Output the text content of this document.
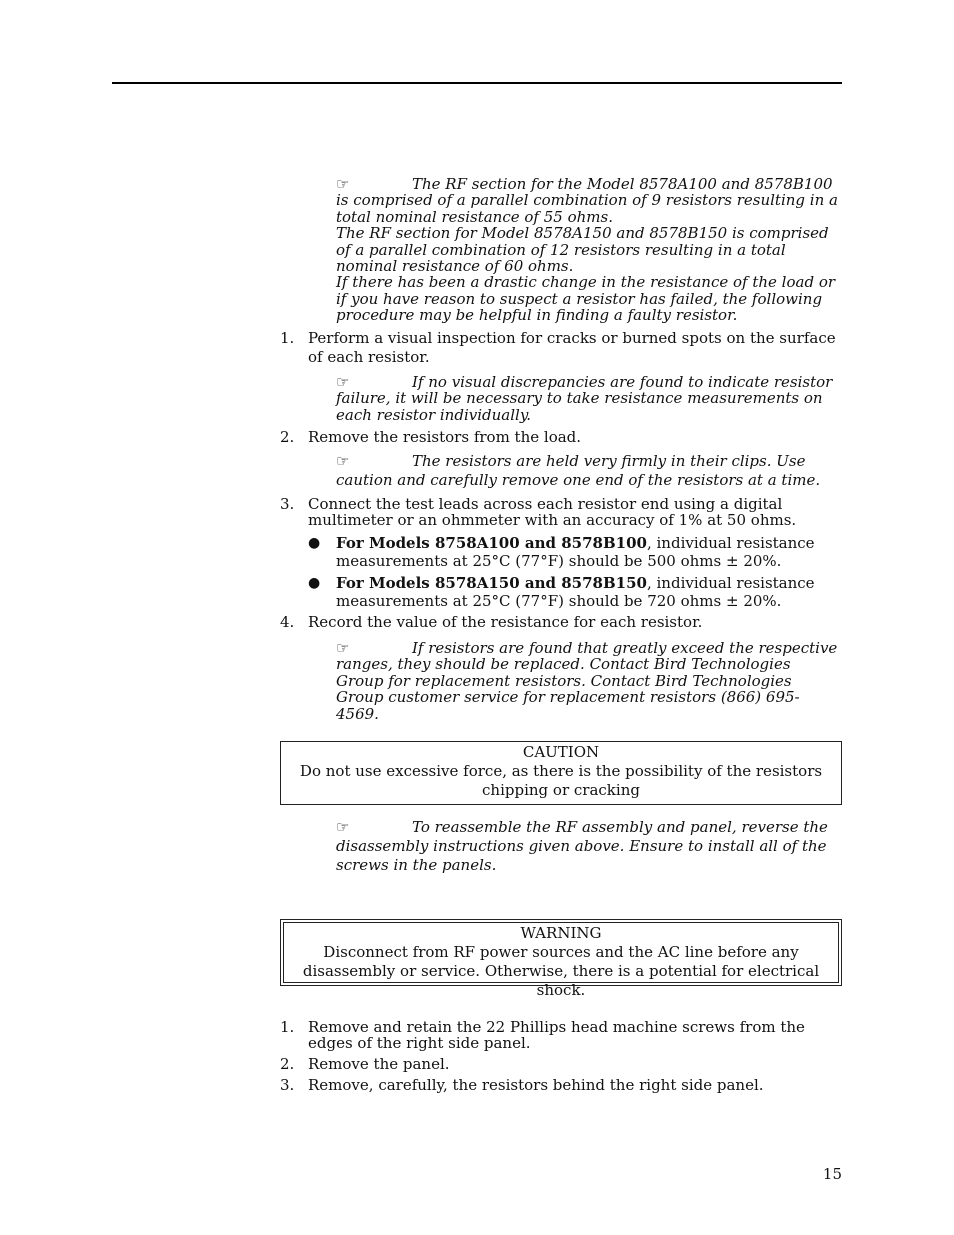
☞	The RF section for the Model 8578A100 and 8578B100 is comprised of a parallel combination of 9 resistors resulting in a total nominal resistance of 55 ohms.

The RF section for Model 8578A150 and 8578B150 is comprised of a parallel combination of 12 resistors resulting in a total nominal resistance of 60 ohms.

If there has been a drastic change in the resistance of the load or if you have reason to suspect a resistor has failed, the following procedure may be helpful in finding a faulty resistor.

1. Perform a visual inspection for cracks or burned spots on the surface of each resistor.

☞	If no visual discrepancies are found to indicate resistor failure, it will be necessary to take resistance measurements on each resistor individually.

2. Remove the resistors from the load.

☞	The resistors are held very firmly in their clips. Use caution and carefully remove one end of the resistors at a time.

3. Connect the test leads across each resistor end using a digital multimeter or an ohmmeter with an accuracy of 1% at 50 ohms.
● For Models 8758A100 and 8578B100, individual resistance measurements at 25°C (77°F) should be 500 ohms ± 20%.
● For Models 8578A150 and 8578B150, individual resistance measurements at 25°C (77°F) should be 720 ohms ± 20%.
4. Record the value of the resistance for each resistor.

☞	If resistors are found that greatly exceed the respective ranges, they should be replaced. Contact Bird Technologies Group for replacement resistors. Contact Bird Technologies Group customer service for replacement resistors (866) 695-4569.

CAUTION
Do not use excessive force, as there is the possibility of the resistors chipping or cracking

☞	To reassemble the RF assembly and panel, reverse the disassembly instructions given above. Ensure to install all of the screws in the panels.

WARNING
Disconnect from RF power sources and the AC line before any disassembly or service. Otherwise, there is a potential for electrical shock.
1. Remove and retain the 22 Phillips head machine screws from the edges of the right side panel.
2. Remove the panel.
3. Remove, carefully, the resistors behind the right side panel.
15
